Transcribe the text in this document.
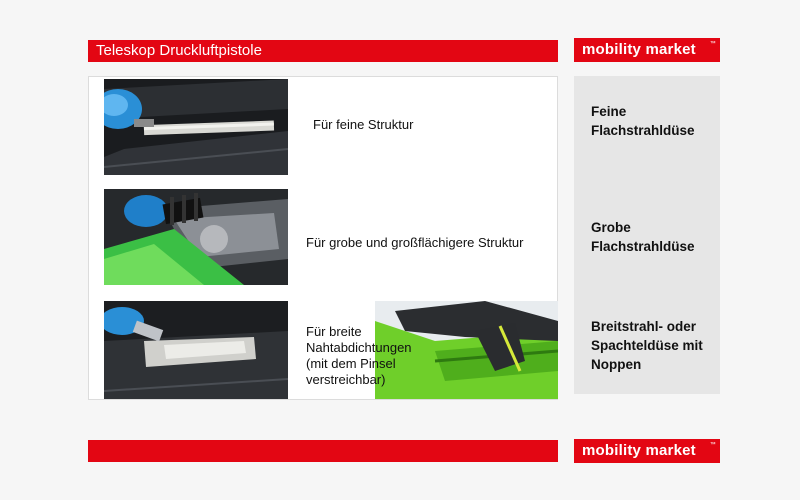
Teleskop Druckluftpistole	mobility market ™
Für feine Struktur
Für grobe und großflächigere Struktur
Für breite
Nahtabdichtungen
(mit dem Pinsel
verstreichbar)
Feine
Flachstrahldüse
Grobe
Flachstrahldüse
Breitstrahl- oder
Spachteldüse mit
Noppen
mobility market ™
